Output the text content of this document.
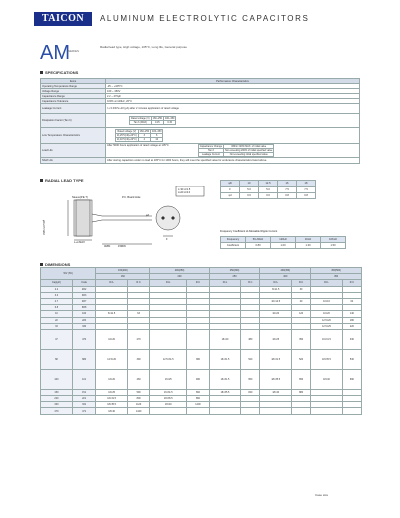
TAICON	ALUMINUM ELECTROLYTIC CAPACITORS
AM
SERIES
Radial lead type, High voltage, 105°C, Long life, General purpose
SPECIFICATIONS
Items	Performance Characteristics
Operating Temperature Range	-25 ~ +105°C
Voltage Range	160 ~ 450V
Capacitance Range	2.2 ~ 470μF
Capacitance Tolerance	±20% at 120Hz, 20°C
Leakage Current	I ≤ 0.03CV+10 (μA) after 2 minutes application of rated voltage
Dissipation Factor (Tan δ)	
Rated voltage (V)	160~250	400~450
Tan δ (MAX)	0.15	0.15

Low Temperature Characteristics	
Rated voltage (V)	160~250	400~450
Z(-25°C)/Z(+20°C)	3	6
Z(-40°C)/Z(+20°C)	4	10

Load Life	After 5000 hours application of rated voltage at 105°C	Capacitance Change	Within ±20% MAX. of initial value
Tan δ	Not exceeding 200% of initial specified value
Leakage Current	Not exceeding initial specified value
Shelf Life	After storing capacitors under no load at 105°C for 1000 hours, they will meet the specified value for endurance characteristics listed above.
RADIAL LEAD TYPE
Sleeve(P.E.T)	P.C. Board Hole
L+α MAX
15MIN
4MIN
F
φD+0.5 MAX
φd
L<20 α=1.5
L≥20 α=2.0
φD	10	12.5	16	18
F	5.0	5.0	7.5	7.5
φd	0.6	0.6	0.8	0.8
Frequency Coefficient of Allowable Ripple Current
Frequency	50~60Hz	120Hz	1KHz	10KHz
Coefficient	0.80	1.00	1.30	1.50
DIMENSIONS
WV (SV)		160(200)		200(250)		250(300)		400(450)		450(500)	
		160		200		250		400		450	
Cap(μF)	Code	D×L	R.C	D×L	R.C	D×L	R.C	D×L	R.C	D×L	R.C
2.2	2R2							8×11.5	30		
3.3	3R3										
4.7	4R7							10×12.5	40	10×16	64
6.8	6R8										
10	100	8×11.5	63					10×20	120	10×20	140
22	220									12.5×20	180
33	330									12.5×25	220
47	470	10×20	270			16×20	380	16×25	350	16×31.5	330
68	680	12.5×20	390	12.5×31.5	380	16×31.5	520	18×31.5	520	18×35.5	530
100	101	16×20	460	16×25	480	16×31.5	650	18×35.5	650	18×40	690
150	151	16×25	590	16×31.5	660	18×35.5	840	18×40	880		
220	221	16×31.5	800	18×35.5	860						
330	331	18×35.5	1120	18×40	1200						
470	471	18×40	1440								
Case size
